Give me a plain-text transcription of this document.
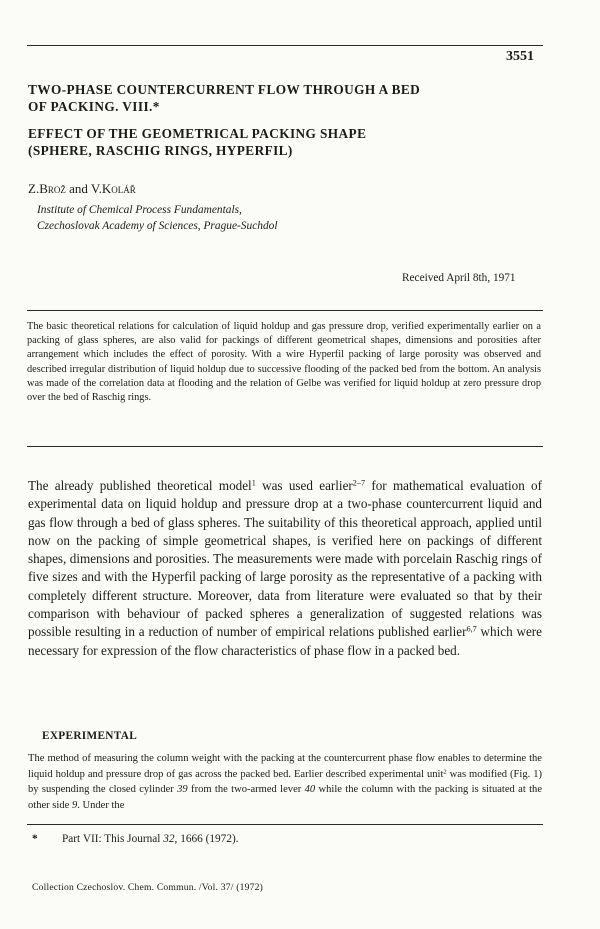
3551
TWO-PHASE COUNTERCURRENT FLOW THROUGH A BED
OF PACKING. VIII.*
EFFECT OF THE GEOMETRICAL PACKING SHAPE
(SPHERE, RASCHIG RINGS, HYPERFIL)
Z.Brož and V.Kolář
Institute of Chemical Process Fundamentals,
Czechoslovak Academy of Sciences, Prague-Suchdol
Received April 8th, 1971
The basic theoretical relations for calculation of liquid holdup and gas pressure drop, verified experimentally earlier on a packing of glass spheres, are also valid for packings of different geometrical shapes, dimensions and porosities after arrangement which includes the effect of porosity. With a wire Hyperfil packing of large porosity was observed and described irregular distribution of liquid holdup due to successive flooding of the packed bed from the bottom. An analysis was made of the correlation data at flooding and the relation of Gelbe was verified for liquid holdup at zero pressure drop over the bed of Raschig rings.
The already published theoretical model$^1$ was used earlier$^{2-7}$ for mathematical evaluation of experimental data on liquid holdup and pressure drop at a two-phase countercurrent liquid and gas flow through a bed of glass spheres. The suitability of this theoretical approach, applied until now on the packing of simple geometrical shapes, is verified here on packings of different shapes, dimensions and porosities. The measurements were made with porcelain Raschig rings of five sizes and with the Hyperfil packing of large porosity as the representative of a packing with completely different structure. Moreover, data from literature were evaluated so that by their comparison with behaviour of packed spheres a generalization of suggested relations was possible resulting in a reduction of number of empirical relations published earlier$^{6,7}$ which were necessary for expression of the flow characteristics of phase flow in a packed bed.
EXPERIMENTAL
The method of measuring the column weight with the packing at the countercurrent phase flow enables to determine the liquid holdup and pressure drop of gas across the packed bed. Earlier described experimental unit$^2$ was modified (Fig. 1) by suspending the closed cylinder 39 from the two-armed lever 40 while the column with the packing is situated at the other side 9. Under the
* Part VII: This Journal 32, 1666 (1972).
Collection Czechoslov. Chem. Commun. /Vol. 37/ (1972)
